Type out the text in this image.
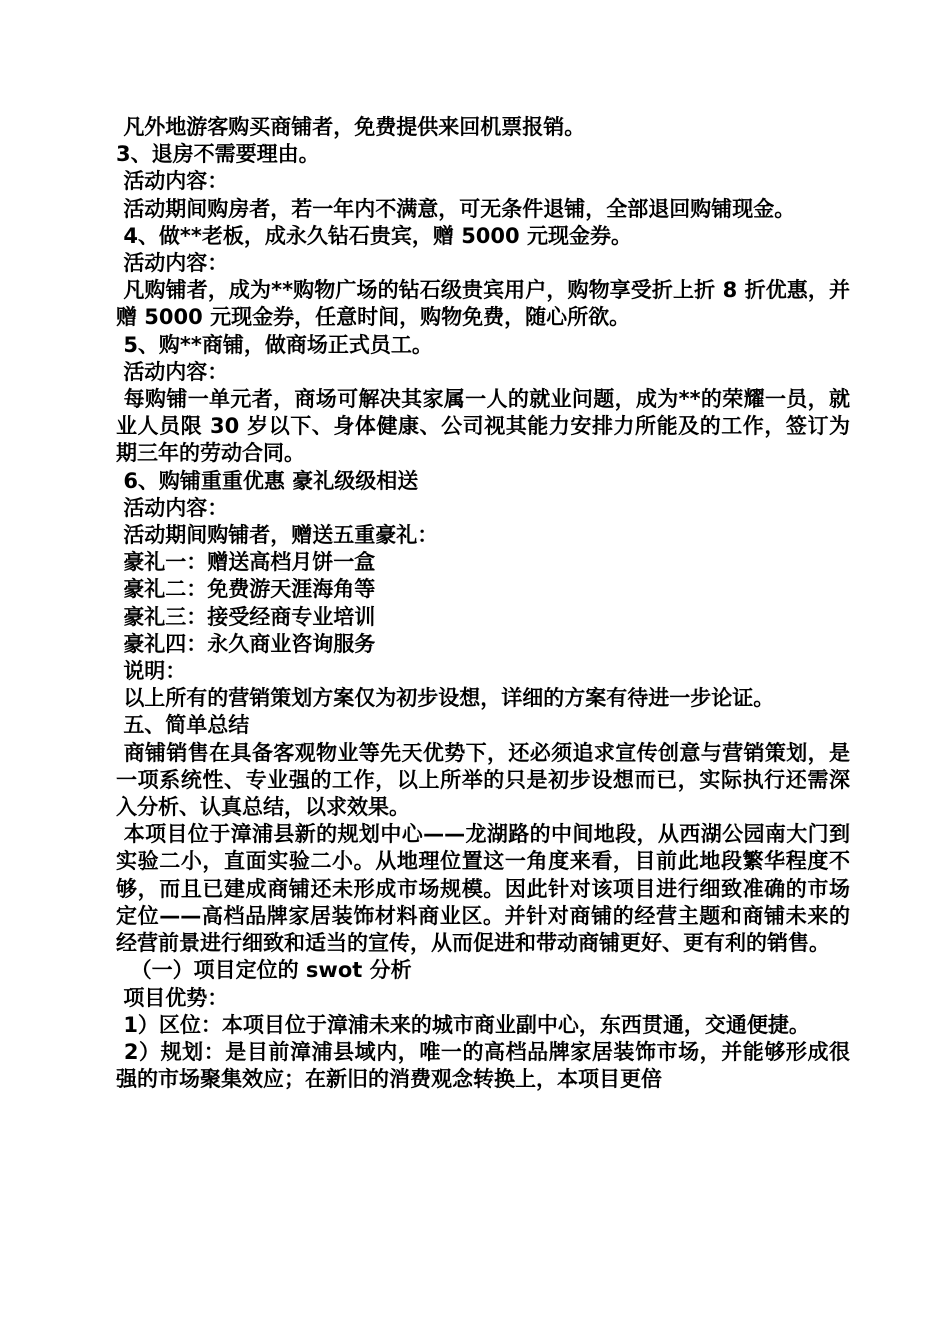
凡外地游客购买商铺者，免费提供来回机票报销。

3、退房不需要理由。

活动内容：

活动期间购房者，若一年内不满意，可无条件退铺，全部退回购铺现金。

4、做**老板，成永久钻石贵宾，赠 5000 元现金券。

活动内容：

凡购铺者，成为**购物广场的钻石级贵宾用户，购物享受折上折 8 折优惠，并赠 5000 元现金券，任意时间，购物免费，随心所欲。

5、购**商铺，做商场正式员工。

活动内容：

每购铺一单元者，商场可解决其家属一人的就业问题，成为**的荣耀一员，就业人员限 30 岁以下、身体健康、公司视其能力安排力所能及的工作，签订为期三年的劳动合同。

6、购铺重重优惠 豪礼级级相送

活动内容：

活动期间购铺者，赠送五重豪礼：

豪礼一：赠送高档月饼一盒

豪礼二：免费游天涯海角等

豪礼三：接受经商专业培训

豪礼四：永久商业咨询服务

说明：

以上所有的营销策划方案仅为初步设想，详细的方案有待进一步论证。

五、简单总结

商铺销售在具备客观物业等先天优势下，还必须追求宣传创意与营销策划，是一项系统性、专业强的工作，以上所举的只是初步设想而已，实际执行还需深入分析、认真总结，以求效果。

本项目位于漳浦县新的规划中心——龙湖路的中间地段，从西湖公园南大门到实验二小，直面实验二小。从地理位置这一角度来看，目前此地段繁华程度不够，而且已建成商铺还未形成市场规模。因此针对该项目进行细致准确的市场定位——高档品牌家居装饰材料商业区。并针对商铺的经营主题和商铺未来的经营前景进行细致和适当的宣传，从而促进和带动商铺更好、更有利的销售。

（一）项目定位的 swot 分析

项目优势：

1）区位：本项目位于漳浦未来的城市商业副中心，东西贯通，交通便捷。

2）规划：是目前漳浦县域内，唯一的高档品牌家居装饰市场，并能够形成很强的市场聚集效应；在新旧的消费观念转换上，本项目更倍
